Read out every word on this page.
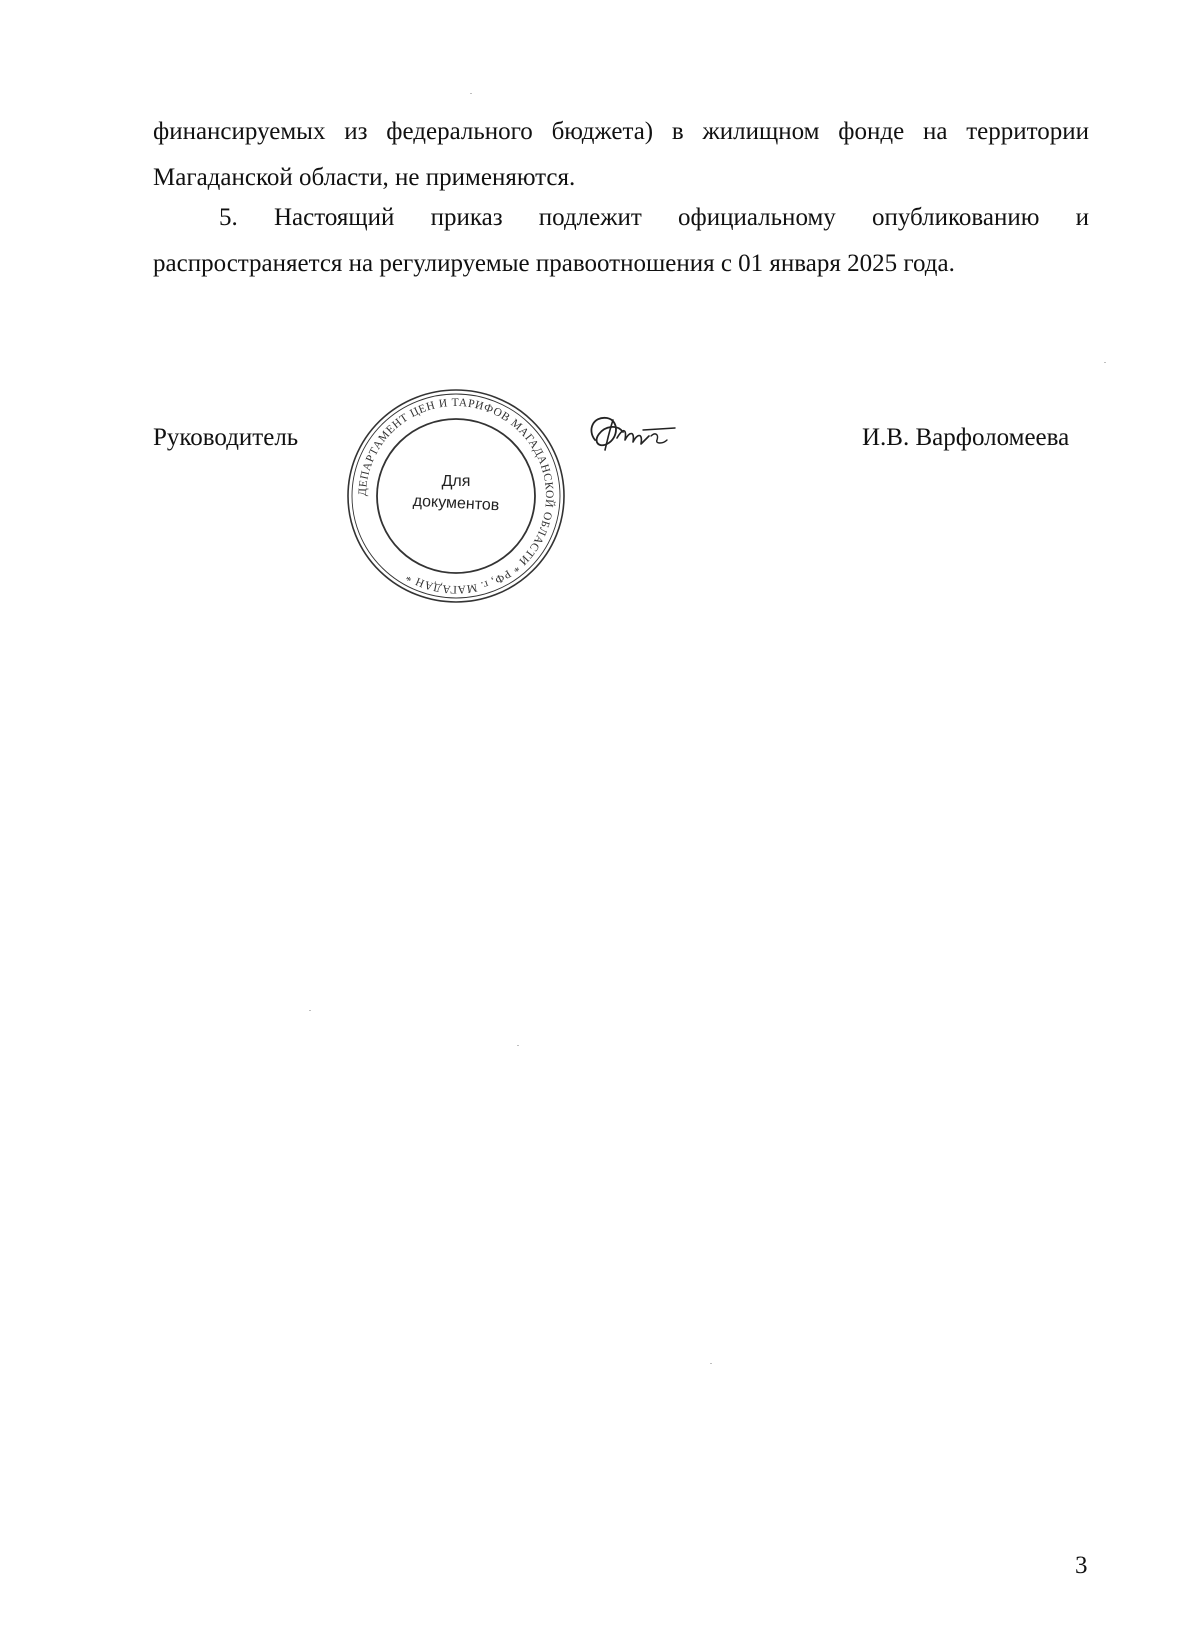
финансируемых из федерального бюджета) в жилищном фонде на территории
Магаданской области, не применяются.
5. Настоящий приказ подлежит официальному опубликованию и
распространяется на регулируемые правоотношения с 01 января 2025 года.
Руководитель
ДЕПАРТАМЕНТ ЦЕН И ТАРИФОВ МАГАДАНСКОЙ ОБЛАСТИ * РФ, г. МАГАДАН *
Для
документов
И.В. Варфоломеева
3
